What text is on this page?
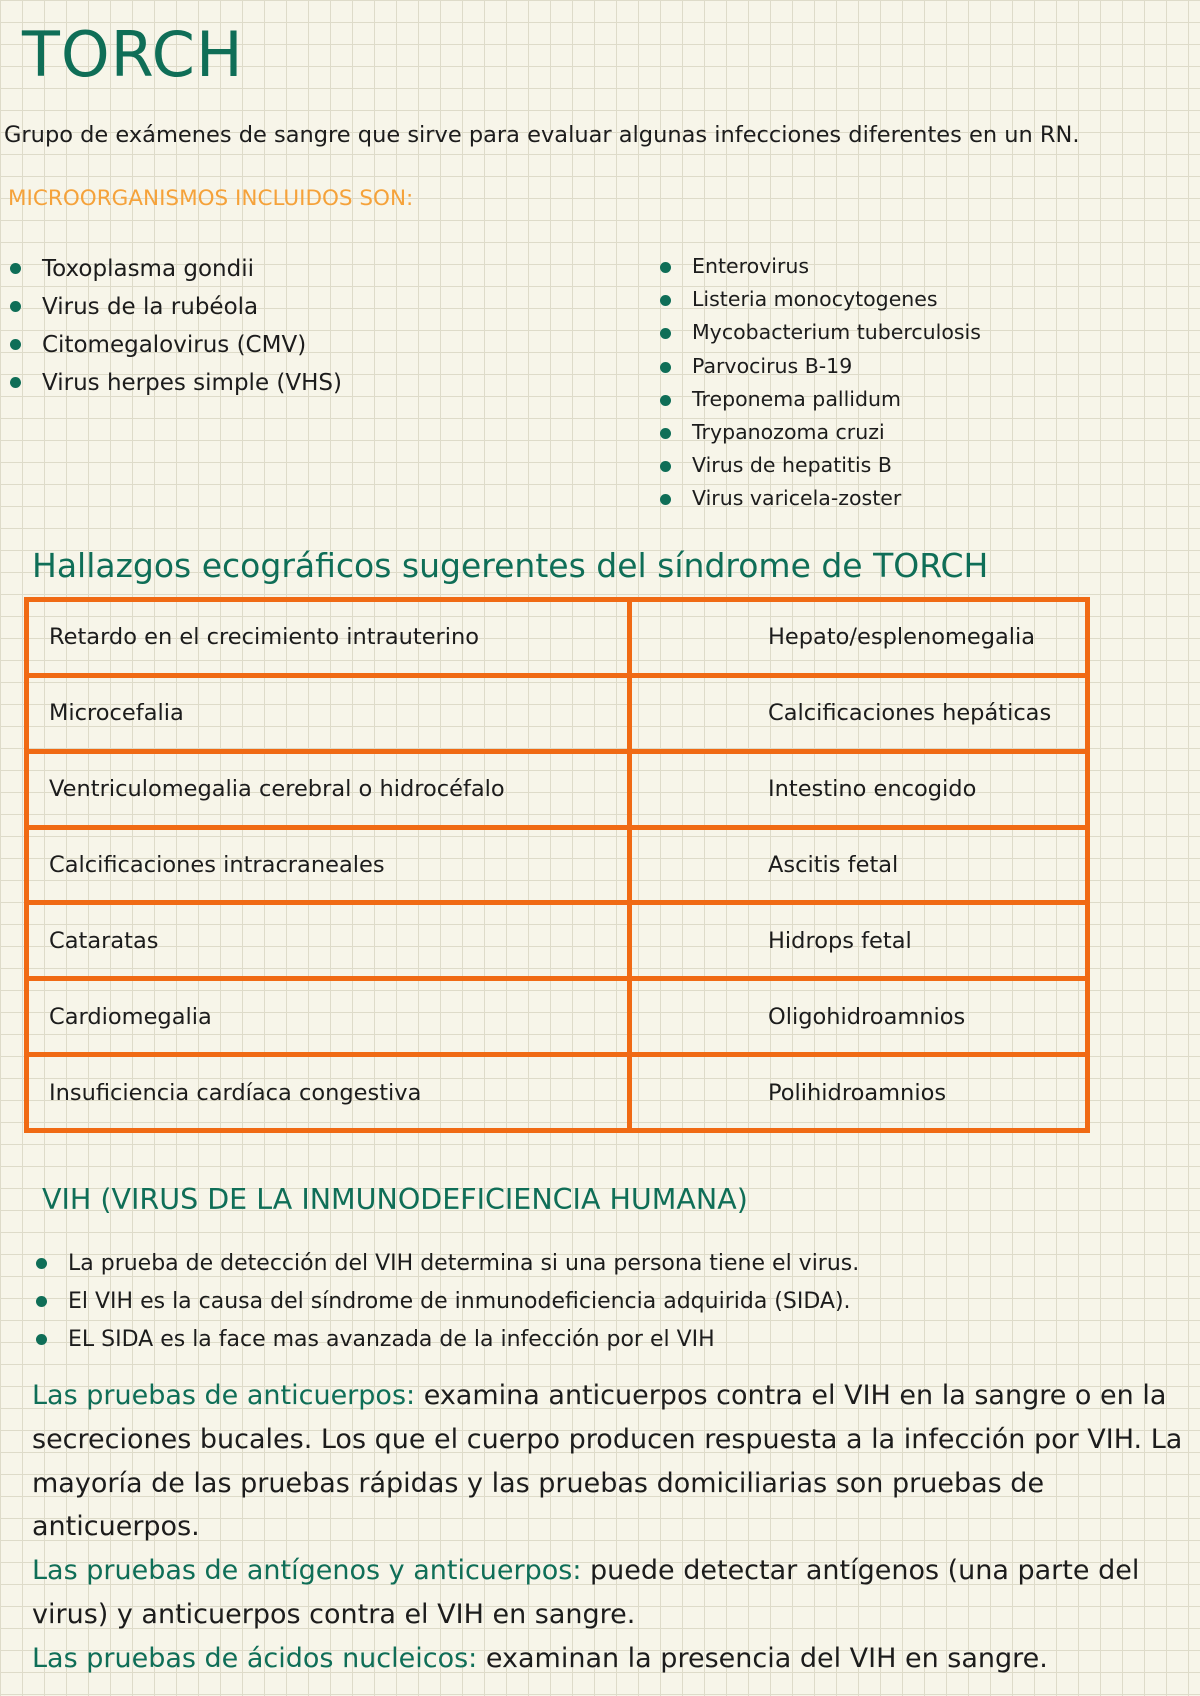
TORCH
Grupo de exámenes de sangre que sirve para evaluar algunas infecciones diferentes en un RN.
MICROORGANISMOS INCLUIDOS SON:
Toxoplasma gondii
Virus de la rubéola
Citomegalovirus (CMV)
Virus herpes simple (VHS)
Enterovirus
Listeria monocytogenes
Mycobacterium tuberculosis
Parvocirus B-19
Treponema pallidum
Trypanozoma cruzi
Virus de hepatitis B
Virus varicela-zoster
Hallazgos ecográficos sugerentes del síndrome de TORCH
Retardo en el crecimiento intrauterino	Hepato/esplenomegalia
Microcefalia	Calcificaciones hepáticas
Ventriculomegalia cerebral o hidrocéfalo	Intestino encogido
Calcificaciones intracraneales	Ascitis fetal
Cataratas	Hidrops fetal
Cardiomegalia	Oligohidroamnios
Insuficiencia cardíaca congestiva	Polihidroamnios
VIH (VIRUS DE LA INMUNODEFICIENCIA HUMANA)
La prueba de detección del VIH determina si una persona tiene el virus.
El VIH es la causa del síndrome de inmunodeficiencia adquirida (SIDA).
EL SIDA es la face mas avanzada de la infección por el VIH

Las pruebas de anticuerpos: examina anticuerpos contra el VIH en la sangre o en la secreciones bucales. Los que el cuerpo producen respuesta a la infección por VIH. La mayoría de las pruebas rápidas y las pruebas domiciliarias son pruebas de anticuerpos.

Las pruebas de antígenos y anticuerpos: puede detectar antígenos (una parte del virus) y anticuerpos contra el VIH en sangre.

Las pruebas de ácidos nucleicos: examinan la presencia del VIH en sangre.
